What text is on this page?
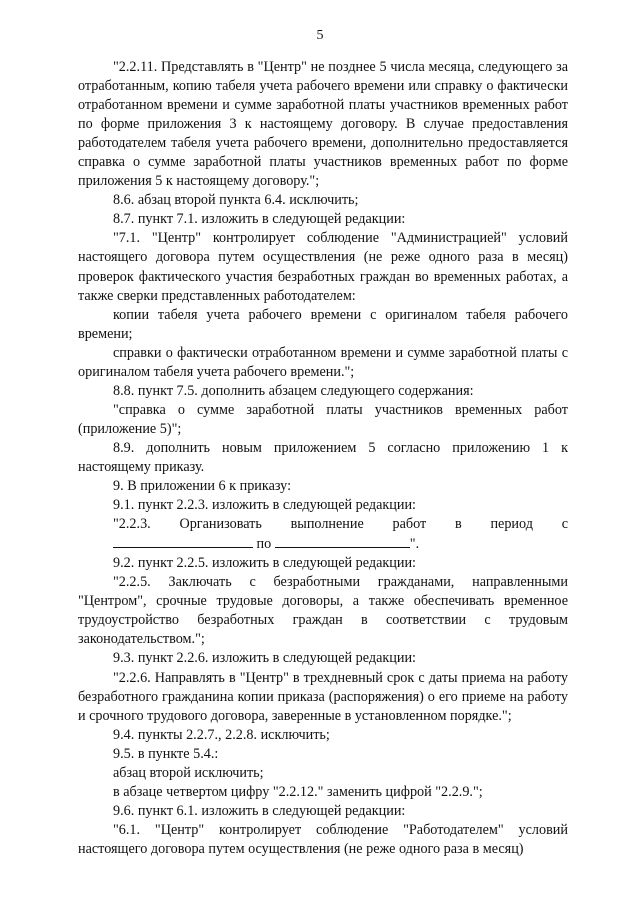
5

"2.2.11. Представлять в "Центр" не позднее 5 числа месяца, следующего за отработанным, копию табеля учета рабочего времени или справку о фактически отработанном времени и сумме заработной платы участников временных работ по форме приложения 3 к настоящему договору. В случае предоставления работодателем табеля учета рабочего времени, дополнительно предоставляется справка о сумме заработной платы участников временных работ по форме приложения 5 к настоящему договору.";

8.6. абзац второй пункта 6.4. исключить;

8.7. пункт 7.1. изложить в следующей редакции:

"7.1. "Центр" контролирует соблюдение "Администрацией" условий настоящего договора путем осуществления (не реже одного раза в месяц) проверок фактического участия безработных граждан во временных работах, а также сверки представленных работодателем:

копии табеля учета рабочего времени с оригиналом табеля рабочего времени;

справки о фактически отработанном времени и сумме заработной платы с оригиналом табеля учета рабочего времени.";

8.8. пункт 7.5. дополнить абзацем следующего содержания:

"справка о сумме заработной платы участников временных работ (приложение 5)";

8.9. дополнить новым приложением 5 согласно приложению 1 к настоящему приказу.

9. В приложении 6 к приказу:

9.1. пункт 2.2.3. изложить в следующей редакции:

"2.2.3. Организовать выполнение работ в период с

по	".

9.2. пункт 2.2.5. изложить в следующей редакции:

"2.2.5. Заключать с безработными гражданами, направленными "Центром", срочные трудовые договоры, а также обеспечивать временное трудоустройство безработных граждан в соответствии с трудовым законодательством.";

9.3. пункт 2.2.6. изложить в следующей редакции:

"2.2.6. Направлять в "Центр" в трехдневный срок с даты приема на работу безработного гражданина копии приказа (распоряжения) о его приеме на работу и срочного трудового договора, заверенные в установленном порядке.";

9.4. пункты 2.2.7., 2.2.8. исключить;

9.5. в пункте 5.4.:

абзац второй исключить;

в абзаце четвертом цифру "2.2.12." заменить цифрой "2.2.9.";

9.6. пункт 6.1. изложить в следующей редакции:

"6.1. "Центр" контролирует соблюдение "Работодателем" условий настоящего договора путем осуществления (не реже одного раза в месяц)
